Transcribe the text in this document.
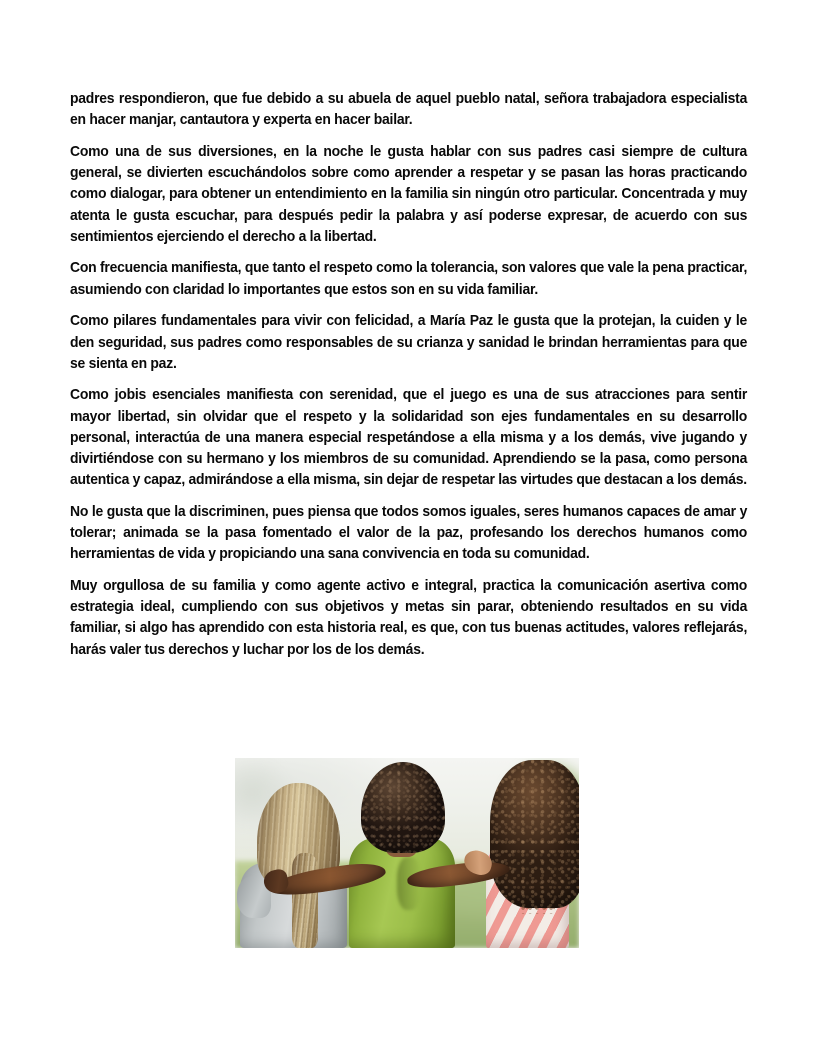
padres respondieron, que fue debido a su abuela de aquel pueblo natal, señora trabajadora especialista en hacer manjar, cantautora y experta en hacer bailar.

Como una de sus diversiones, en la noche le gusta hablar con sus padres casi siempre de cultura general, se divierten escuchándolos sobre como aprender a respetar y se pasan las horas practicando como dialogar, para obtener un entendimiento en la familia sin ningún otro particular. Concentrada y muy atenta le gusta escuchar, para después pedir la palabra y así poderse expresar, de acuerdo con sus sentimientos ejerciendo el derecho a la libertad.

Con frecuencia manifiesta, que tanto el respeto como la tolerancia, son valores que vale la pena practicar, asumiendo con claridad lo importantes que estos son en su vida familiar.

Como pilares fundamentales para vivir con felicidad, a María Paz le gusta que la protejan, la cuiden y le den seguridad, sus padres como responsables de su crianza y sanidad le brindan herramientas para que se sienta en paz.

Como jobis esenciales manifiesta con serenidad, que el juego es una de sus atracciones para sentir mayor libertad, sin olvidar que el respeto y la solidaridad son ejes fundamentales en su desarrollo personal, interactúa de una manera especial respetándose a ella misma y a los demás, vive jugando y divirtiéndose con su hermano y los miembros de su comunidad. Aprendiendo se la pasa, como persona autentica y capaz, admirándose a ella misma, sin dejar de respetar las virtudes que destacan a los demás.

No le gusta que la discriminen, pues piensa que todos somos iguales, seres humanos capaces de amar y tolerar; animada se la pasa fomentado el valor de la paz, profesando los derechos humanos como herramientas de vida y propiciando una sana convivencia en toda su comunidad.

Muy orgullosa de su familia y como agente activo e integral, practica la comunicación asertiva como estrategia ideal, cumpliendo con sus objetivos y metas sin parar, obteniendo resultados en su vida familiar, si algo has aprendido con esta historia real, es que, con tus buenas actitudes, valores reflejarás, harás valer tus derechos y luchar por los de los demás.
